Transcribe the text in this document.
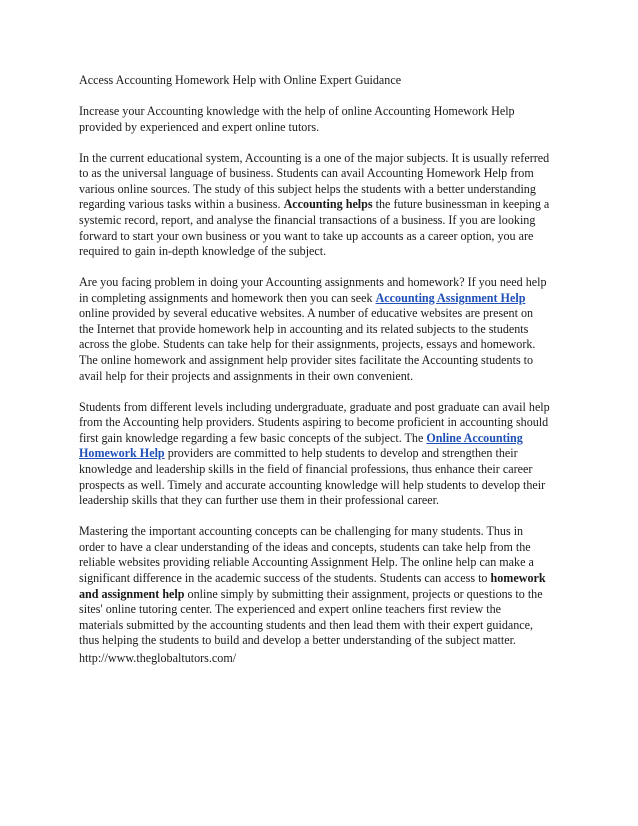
Access Accounting Homework Help with Online Expert Guidance

Increase your Accounting knowledge with the help of online Accounting Homework Help
provided by experienced and expert online tutors.

In the current educational system, Accounting is a one of the major subjects. It is usually referred
to as the universal language of business. Students can avail Accounting Homework Help from
various online sources. The study of this subject helps the students with a better understanding
regarding various tasks within a business. Accounting helps the future businessman in keeping a
systemic record, report, and analyse the financial transactions of a business. If you are looking
forward to start your own business or you want to take up accounts as a career option, you are
required to gain in-depth knowledge of the subject.

Are you facing problem in doing your Accounting assignments and homework? If you need help
in completing assignments and homework then you can seek Accounting Assignment Help
online provided by several educative websites. A number of educative websites are present on
the Internet that provide homework help in accounting and its related subjects to the students
across the globe. Students can take help for their assignments, projects, essays and homework.
The online homework and assignment help provider sites facilitate the Accounting students to
avail help for their projects and assignments in their own convenient.

Students from different levels including undergraduate, graduate and post graduate can avail help
from the Accounting help providers. Students aspiring to become proficient in accounting should
first gain knowledge regarding a few basic concepts of the subject. The Online Accounting
Homework Help providers are committed to help students to develop and strengthen their
knowledge and leadership skills in the field of financial professions, thus enhance their career
prospects as well. Timely and accurate accounting knowledge will help students to develop their
leadership skills that they can further use them in their professional career.

Mastering the important accounting concepts can be challenging for many students. Thus in
order to have a clear understanding of the ideas and concepts, students can take help from the
reliable websites providing reliable Accounting Assignment Help. The online help can make a
significant difference in the academic success of the students. Students can access to homework
and assignment help online simply by submitting their assignment, projects or questions to the
sites' online tutoring center. The experienced and expert online teachers first review the
materials submitted by the accounting students and then lead them with their expert guidance,
thus helping the students to build and develop a better understanding of the subject matter.

http://www.theglobaltutors.com/
